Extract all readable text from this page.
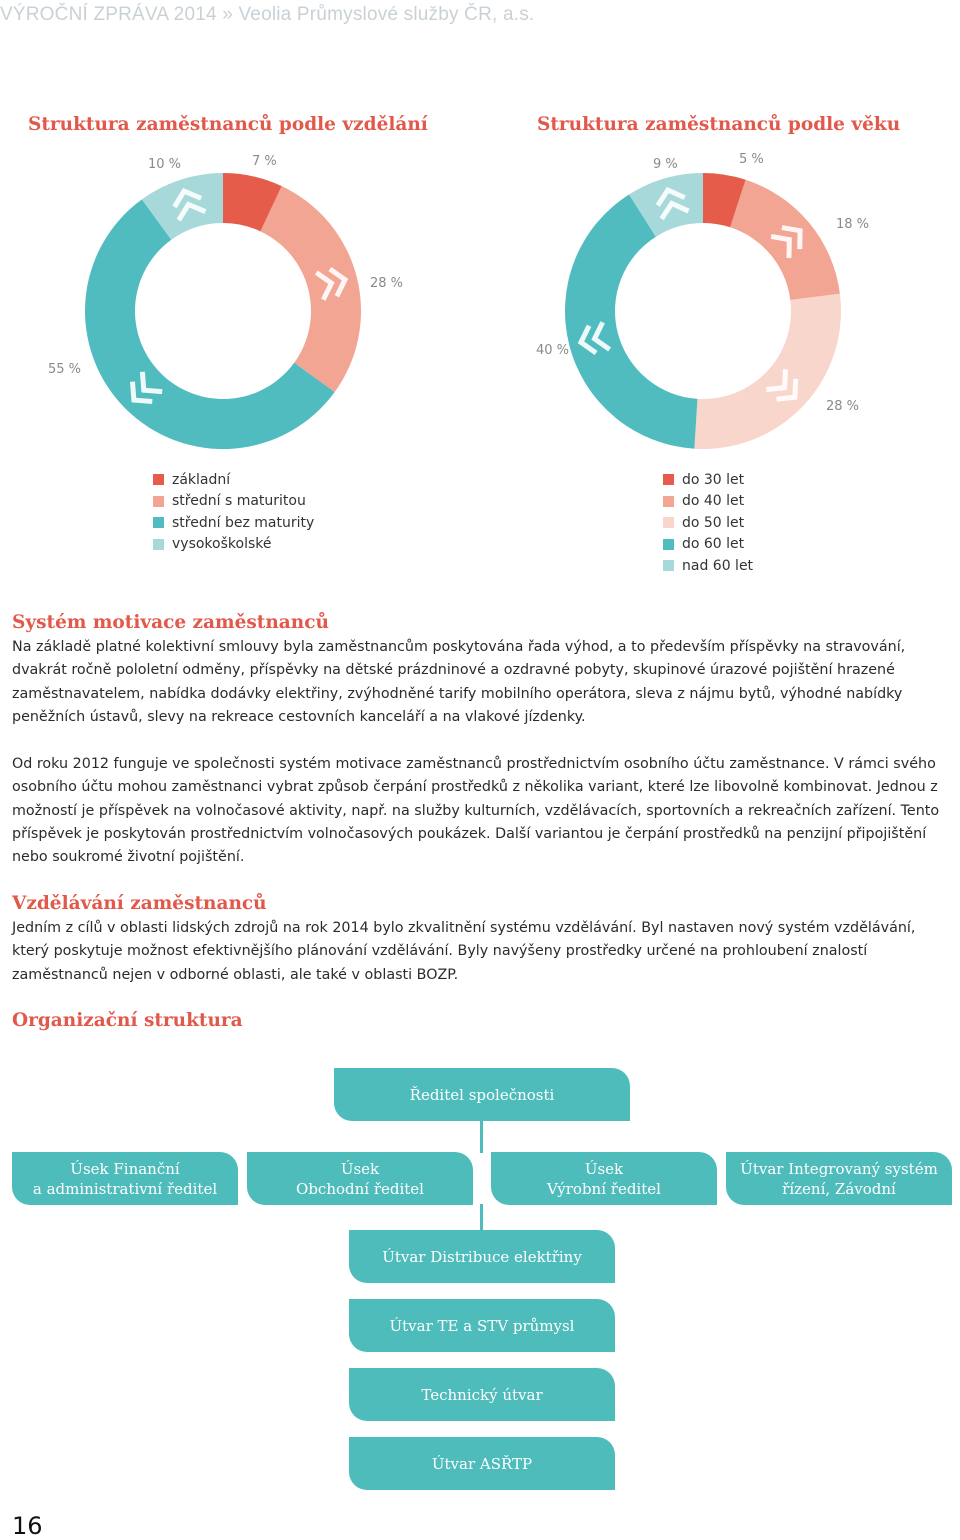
VÝROČNÍ ZPRÁVA 2014 » Veolia Průmyslové služby ČR, a.s.
Struktura zaměstnanců podle vzdělání	Struktura zaměstnanců podle věku
7 %
28 %
55 %
10 %	5 %
18 %
28 %
40 %
9 %
základní
střední s maturitou
střední bez maturity
vysokoškolské
do 30 let
do 40 let
do 50 let
do 60 let
nad 60 let
Systém motivace zaměstnanců

Na základě platné kolektivní smlouvy byla zaměstnancům poskytována řada výhod, a to především příspěvky na stravování, dvakrát ročně pololetní odměny, příspěvky na dětské prázdninové a ozdravné pobyty, skupinové úrazové pojištění hrazené zaměstnavatelem, nabídka dodávky elektřiny, zvýhodněné tarify mobilního operátora, sleva z nájmu bytů, výhodné nabídky peněžních ústavů, slevy na rekreace cestovních kanceláří a na vlakové jízdenky.

Od roku 2012 funguje ve společnosti systém motivace zaměstnanců prostřednictvím osobního účtu zaměstnance. V rámci svého osobního účtu mohou zaměstnanci vybrat způsob čerpání prostředků z několika variant, které lze libovolně kombinovat. Jednou z možností je příspěvek na volnočasové aktivity, např. na služby kulturních, vzdělávacích, sportovních a rekreačních zařízení. Tento příspěvek je poskytován prostřednictvím volnočasových poukázek. Další variantou je čerpání prostředků na penzijní připojištění nebo soukromé životní pojištění.

Vzdělávání zaměstnanců

Jedním z cílů v oblasti lidských zdrojů na rok 2014 bylo zkvalitnění systému vzdělávání. Byl nastaven nový systém vzdělávání, který poskytuje možnost efektivnějšího plánování vzdělávání. Byly navýšeny prostředky určené na prohloubení znalostí zaměstnanců nejen v odborné oblasti, ale také v oblasti BOZP.

Organizační struktura
Ředitel společnosti
Úsek Finanční
a administrativní ředitel
Úsek
Obchodní ředitel
Úsek
Výrobní ředitel
Útvar Integrovaný systém
řízení, Závodní
Útvar Distribuce elektřiny
Útvar TE a STV průmysl
Technický útvar
Útvar ASŘTP
16
